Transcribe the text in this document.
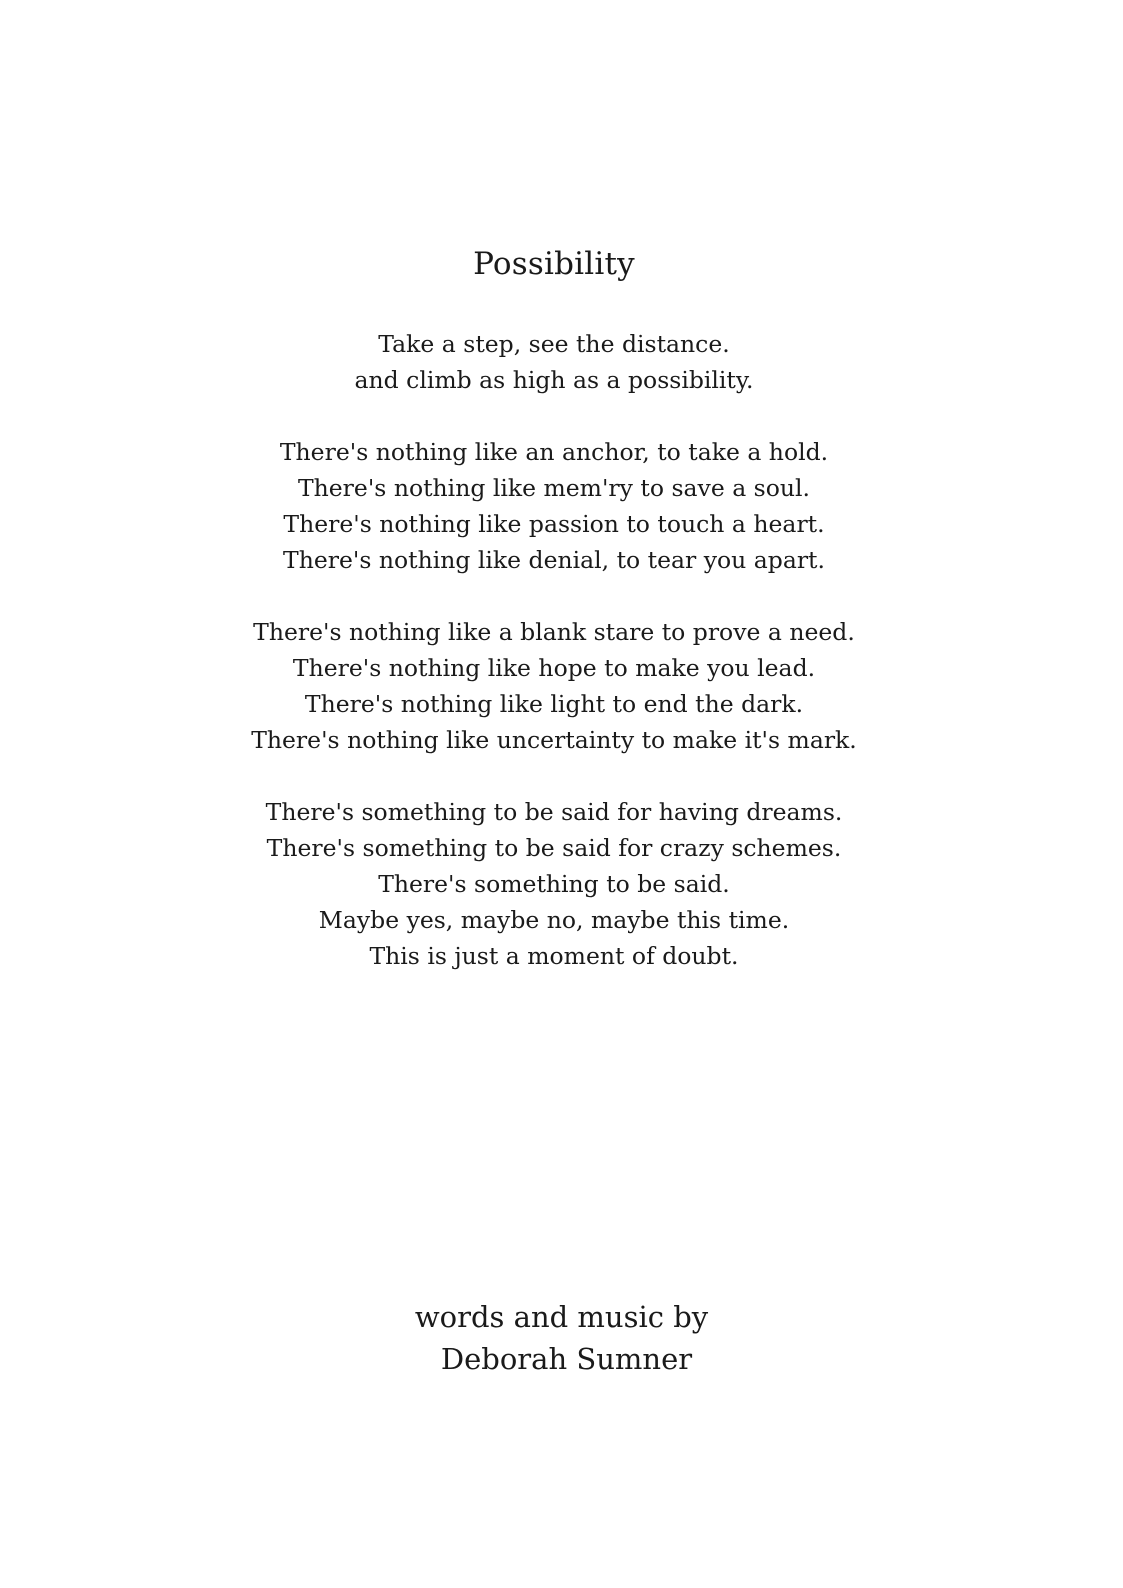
Possibility
Take a step, see the distance.
and climb as high as a possibility.
There's nothing like an anchor, to take a hold.
There's nothing like mem'ry to save a soul.
There's nothing like passion to touch a heart.
There's nothing like denial, to tear you apart.
There's nothing like a blank stare to prove a need.
There's nothing like hope to make you lead.
There's nothing like light to end the dark.
There's nothing like uncertainty to make it's mark.
There's something to be said for having dreams.
There's something to be said for crazy schemes.
There's something to be said.
Maybe yes, maybe no, maybe this time.
This is just a moment of doubt.
words and music by
Deborah Sumner
